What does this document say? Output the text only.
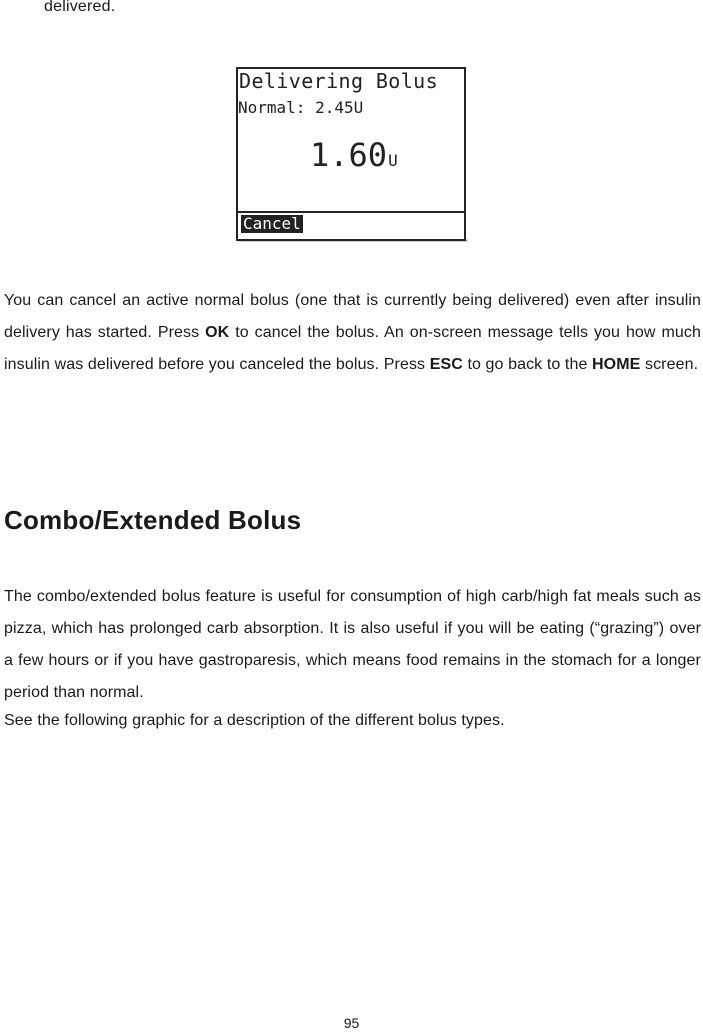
delivered.
Delivering Bolus
Normal: 2.45U
1.60U
Cancel
You can cancel an active normal bolus (one that is currently being delivered) even after insulin delivery has started. Press OK to cancel the bolus. An on-screen message tells you how much insulin was delivered before you canceled the bolus. Press ESC to go back to the HOME screen.
Combo/Extended Bolus
The combo/extended bolus feature is useful for consumption of high carb/high fat meals such as pizza, which has prolonged carb absorption. It is also useful if you will be eating (“grazing”) over a few hours or if you have gastroparesis, which means food remains in the stomach for a longer period than normal.
See the following graphic for a description of the different bolus types.
95
